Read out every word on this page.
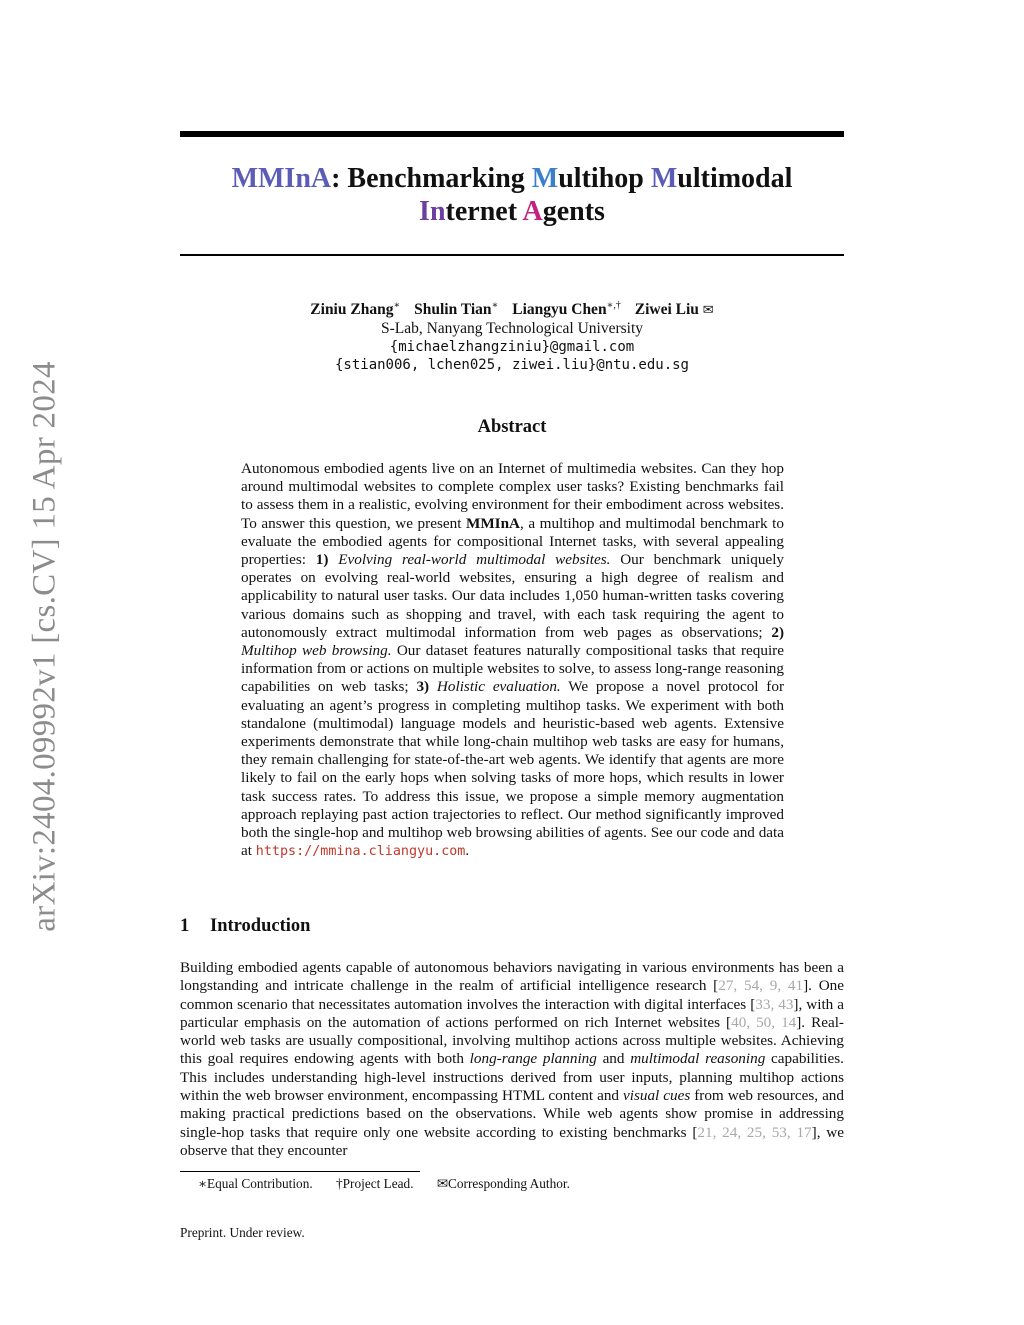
arXiv:2404.09992v1 [cs.CV] 15 Apr 2024
MMInA: Benchmarking Multihop Multimodal
Internet Agents
Ziniu Zhang∗ Shulin Tian∗ Liangyu Chen∗,† Ziwei Liu ✉
S-Lab, Nanyang Technological University
{michaelzhangziniu}@gmail.com
{stian006, lchen025, ziwei.liu}@ntu.edu.sg
Abstract
Autonomous embodied agents live on an Internet of multimedia websites. Can they hop around multimodal websites to complete complex user tasks? Existing benchmarks fail to assess them in a realistic, evolving environment for their embodiment across websites. To answer this question, we present MMInA, a multihop and multimodal benchmark to evaluate the embodied agents for compositional Internet tasks, with several appealing properties: 1) Evolving real-world multimodal websites. Our benchmark uniquely operates on evolving real-world websites, ensuring a high degree of realism and applicability to natural user tasks. Our data includes 1,050 human-written tasks covering various domains such as shopping and travel, with each task requiring the agent to autonomously extract multimodal information from web pages as observations; 2) Multihop web browsing. Our dataset features naturally compositional tasks that require information from or actions on multiple websites to solve, to assess long-range reasoning capabilities on web tasks; 3) Holistic evaluation. We propose a novel protocol for evaluating an agent’s progress in completing multihop tasks. We experiment with both standalone (multimodal) language models and heuristic-based web agents. Extensive experiments demonstrate that while long-chain multihop web tasks are easy for humans, they remain challenging for state-of-the-art web agents. We identify that agents are more likely to fail on the early hops when solving tasks of more hops, which results in lower task success rates. To address this issue, we propose a simple memory augmentation approach replaying past action trajectories to reflect. Our method significantly improved both the single-hop and multihop web browsing abilities of agents. See our code and data at https://mmina.cliangyu.com.
1 Introduction
Building embodied agents capable of autonomous behaviors navigating in various environments has been a longstanding and intricate challenge in the realm of artificial intelligence research [27, 54, 9, 41]. One common scenario that necessitates automation involves the interaction with digital interfaces [33, 43], with a particular emphasis on the automation of actions performed on rich Internet websites [40, 50, 14]. Real-world web tasks are usually compositional, involving multihop actions across multiple websites. Achieving this goal requires endowing agents with both long-range planning and multimodal reasoning capabilities. This includes understanding high-level instructions derived from user inputs, planning multihop actions within the web browser environment, encompassing HTML content and visual cues from web resources, and making practical predictions based on the observations. While web agents show promise in addressing single-hop tasks that require only one website according to existing benchmarks [21, 24, 25, 53, 17], we observe that they encounter
∗Equal Contribution. †Project Lead. ✉Corresponding Author.
Preprint. Under review.
